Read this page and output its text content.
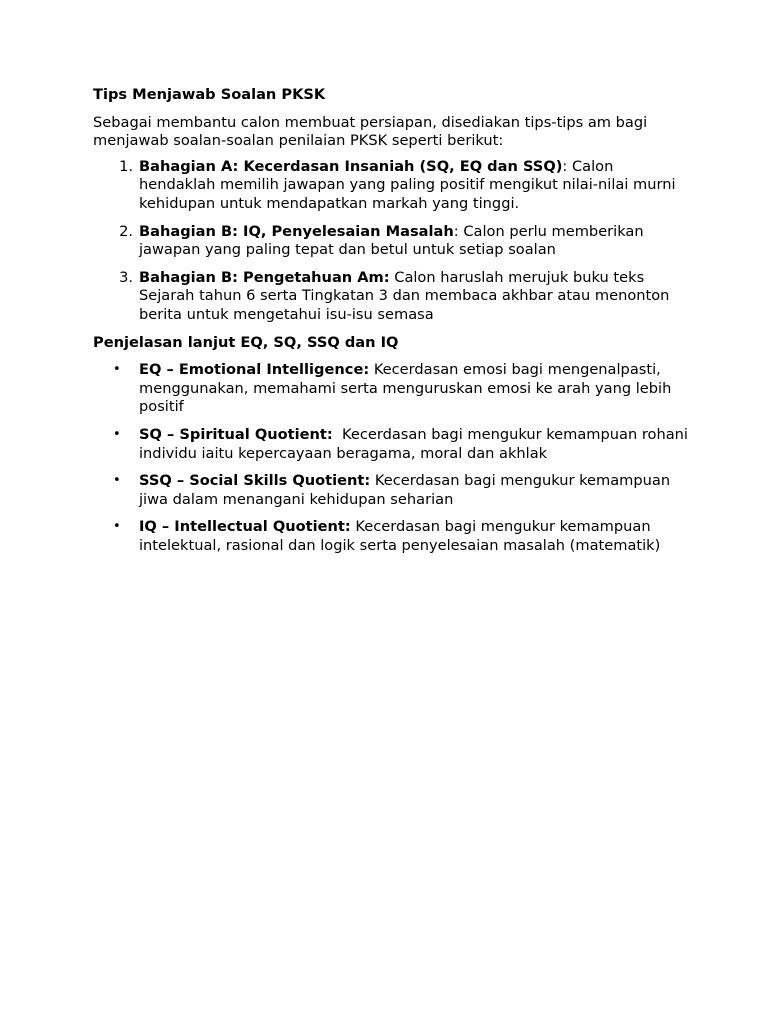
Tips Menjawab Soalan PKSK
Sebagai membantu calon membuat persiapan, disediakan tips-tips am bagi menjawab soalan-soalan penilaian PKSK seperti berikut:
1. Bahagian A: Kecerdasan Insaniah (SQ, EQ dan SSQ): Calon hendaklah memilih jawapan yang paling positif mengikut nilai-nilai murni kehidupan untuk mendapatkan markah yang tinggi.
2. Bahagian B: IQ, Penyelesaian Masalah: Calon perlu memberikan jawapan yang paling tepat dan betul untuk setiap soalan
3. Bahagian B: Pengetahuan Am: Calon haruslah merujuk buku teks Sejarah tahun 6 serta Tingkatan 3 dan membaca akhbar atau menonton berita untuk mengetahui isu-isu semasa
Penjelasan lanjut EQ, SQ, SSQ dan IQ
• EQ – Emotional Intelligence: Kecerdasan emosi bagi mengenalpasti, menggunakan, memahami serta menguruskan emosi ke arah yang lebih positif
• SQ – Spiritual Quotient:  Kecerdasan bagi mengukur kemampuan rohani individu iaitu kepercayaan beragama, moral dan akhlak
• SSQ – Social Skills Quotient: Kecerdasan bagi mengukur kemampuan jiwa dalam menangani kehidupan seharian
• IQ – Intellectual Quotient: Kecerdasan bagi mengukur kemampuan intelektual, rasional dan logik serta penyelesaian masalah (matematik)
